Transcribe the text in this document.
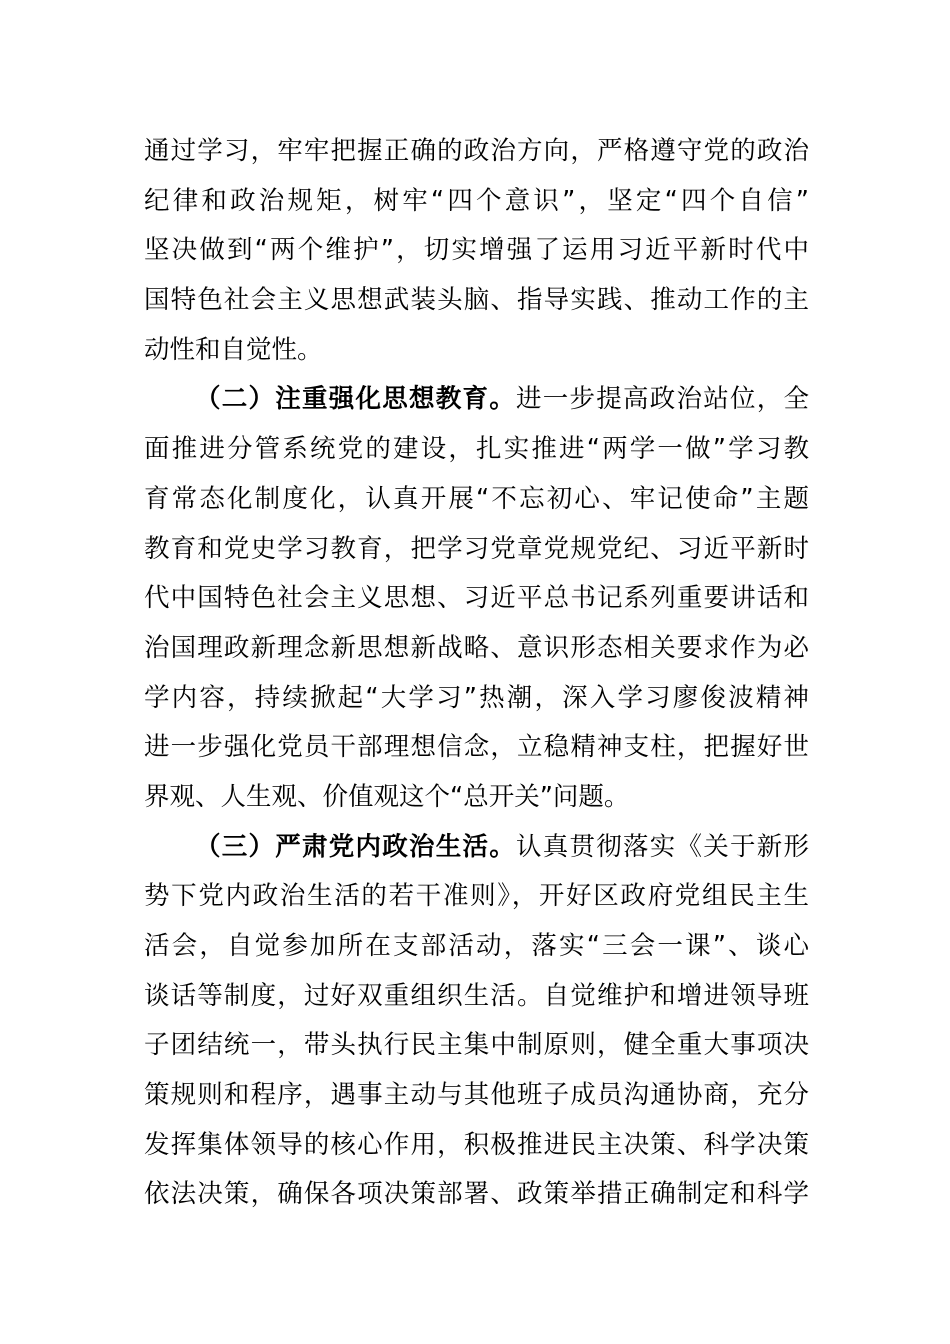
通过学习，牢牢把握正确的政治方向，严格遵守党的政治
纪律和政治规矩，树牢“四个意识”，坚定“四个自信”
坚决做到“两个维护”，切实增强了运用习近平新时代中
国特色社会主义思想武装头脑、指导实践、推动工作的主
动性和自觉性。
（二）注重强化思想教育。进一步提高政治站位，全
面推进分管系统党的建设，扎实推进“两学一做”学习教
育常态化制度化，认真开展“不忘初心、牢记使命”主题
教育和党史学习教育，把学习党章党规党纪、习近平新时
代中国特色社会主义思想、习近平总书记系列重要讲话和
治国理政新理念新思想新战略、意识形态相关要求作为必
学内容，持续掀起“大学习”热潮，深入学习廖俊波精神
进一步强化党员干部理想信念，立稳精神支柱，把握好世
界观、人生观、价值观这个“总开关”问题。
（三）严肃党内政治生活。认真贯彻落实《关于新形
势下党内政治生活的若干准则》，开好区政府党组民主生
活会，自觉参加所在支部活动，落实“三会一课”、谈心
谈话等制度，过好双重组织生活。自觉维护和增进领导班
子团结统一，带头执行民主集中制原则，健全重大事项决
策规则和程序，遇事主动与其他班子成员沟通协商，充分
发挥集体领导的核心作用，积极推进民主决策、科学决策
依法决策，确保各项决策部署、政策举措正确制定和科学
